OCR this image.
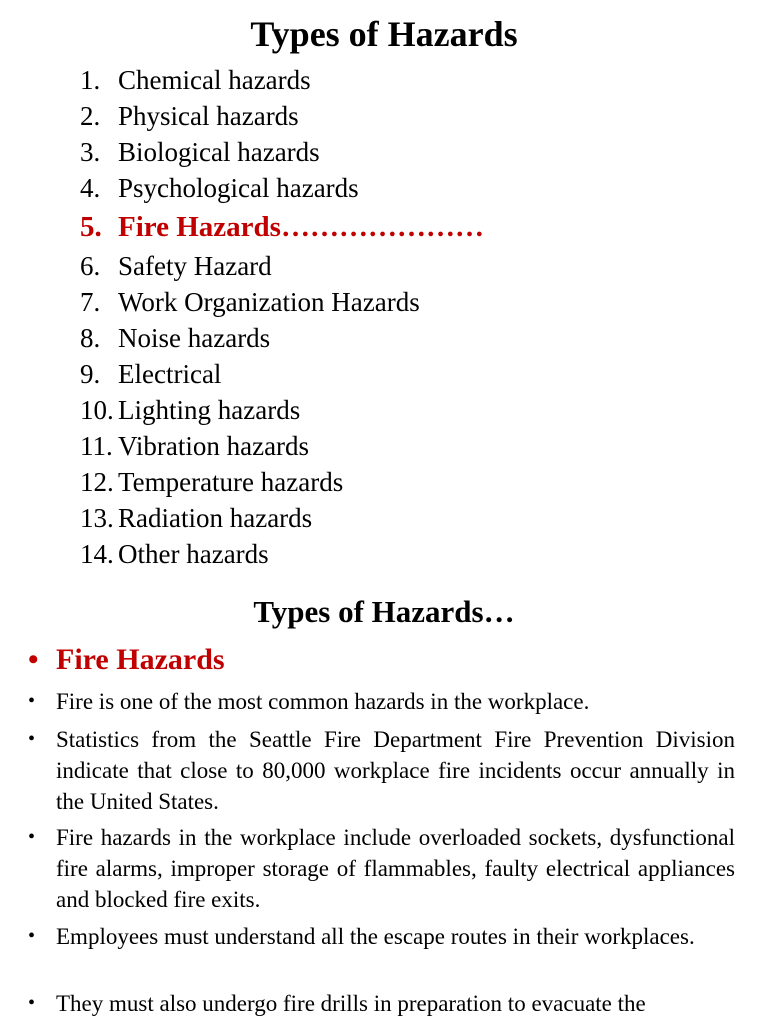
Types of Hazards
1. Chemical hazards
2. Physical hazards
3. Biological hazards
4. Psychological hazards
5. Fire Hazards…………………
6. Safety Hazard
7. Work Organization Hazards
8. Noise hazards
9. Electrical
10. Lighting hazards
11. Vibration hazards
12. Temperature hazards
13. Radiation hazards
14. Other hazards
Types of Hazards…
• Fire Hazards
• Fire is one of the most common hazards in the workplace.
• Statistics from the Seattle Fire Department Fire Prevention Division indicate that close to 80,000 workplace fire incidents occur annually in the United States.
• Fire hazards in the workplace include overloaded sockets, dysfunctional fire alarms, improper storage of flammables, faulty electrical appliances and blocked fire exits.
• Employees must understand all the escape routes in their workplaces.
• They must also undergo fire drills in preparation to evacuate the
